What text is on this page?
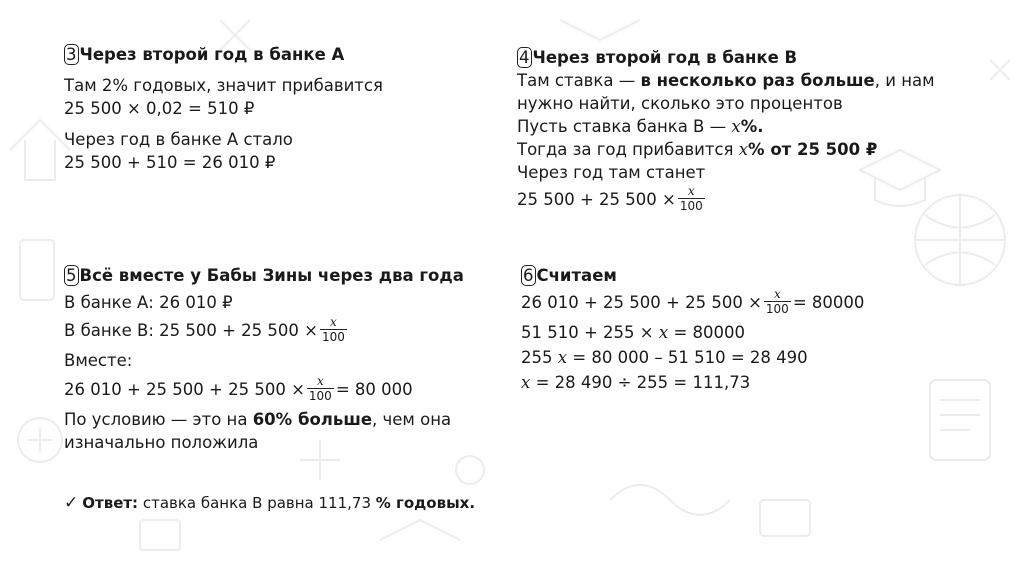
3 Через второй год в банке А
Там 2% годовых, значит прибавится
25 500 × 0,02 = 510 ₽
Через год в банке А стало
25 500 + 510 = 26 010 ₽
4 Через второй год в банке В
Там ставка — в несколько раз больше, и нам
нужно найти, сколько это процентов
Пусть ставка банка В — 𝑥%.
Тогда за год прибавится 𝑥% от 25 500 ₽
Через год там станет
25 500 + 25 $500 \times \frac{\text{𝑥}}{100}$
5 Всё вместе у Бабы Зины через два года
В банке А: 26 010 ₽
В банке В: 25 500 + 25 $500 \times \frac{\text{𝑥}}{100}$
Вместе:
26 010 + 25 500 + 25 $500 \times \frac{\text{𝑥}}{100} = 80$ 000
По условию — это на 60% больше, чем она
изначально положила
6 Считаем
26 010 + 25 500 + 25 $500 \times \frac{\text{𝑥}}{100} = 80000$
51 510 + 255 × 𝑥 = 80000
255 𝑥 = 80 000 – 51 510 = 28 490
𝑥 = 28 490 ÷ 255 = 111,73
✓ Ответ: ставка банка В равна 111,73 % годовых.
